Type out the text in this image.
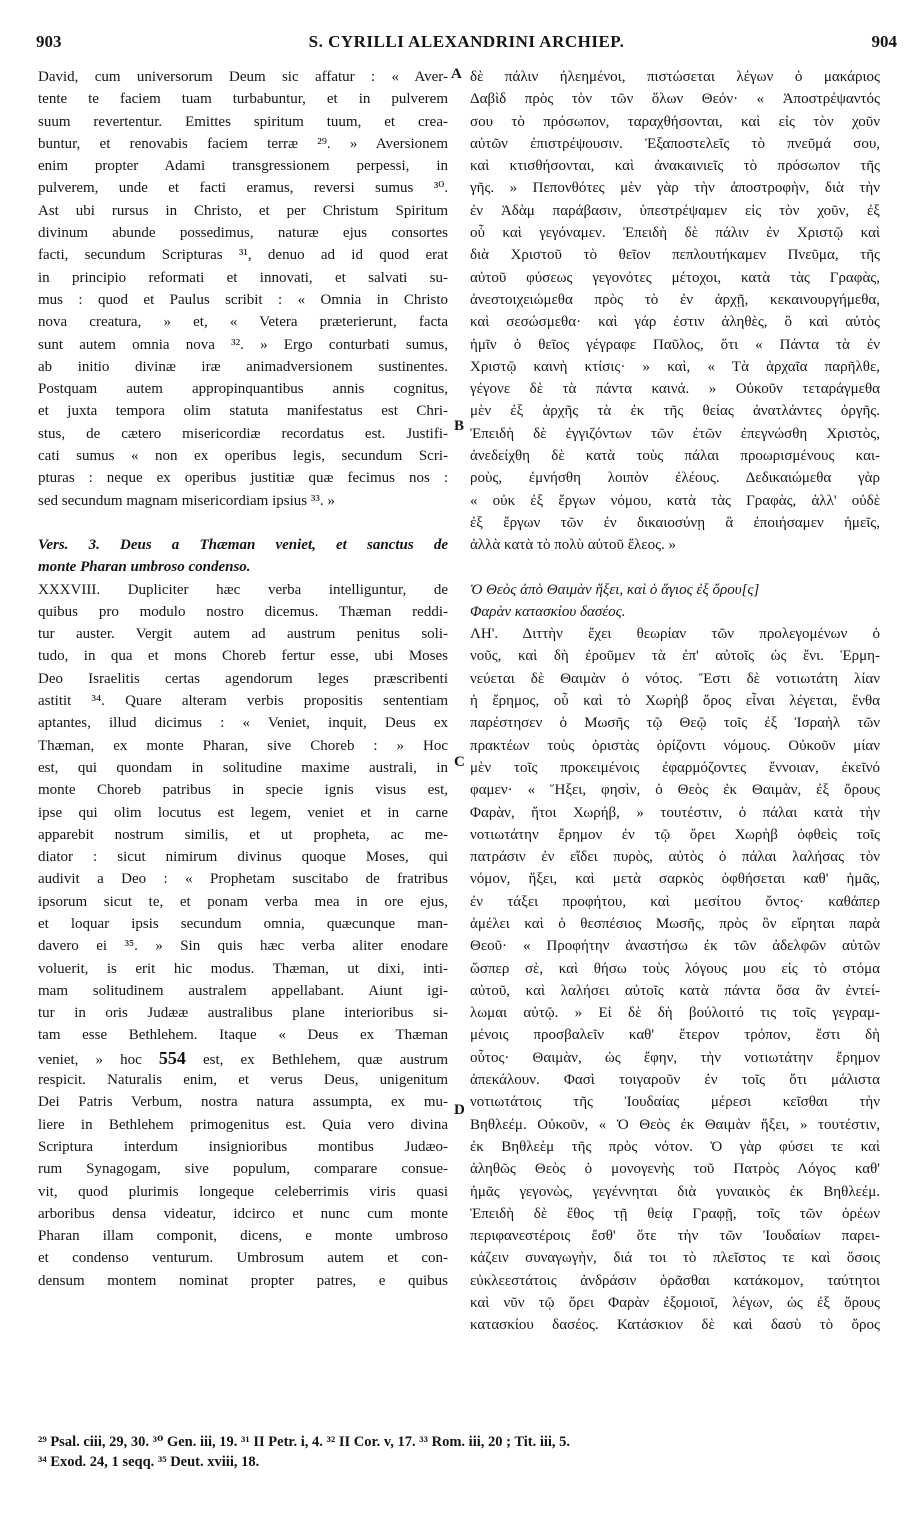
903	S. CYRILLI ALEXANDRINI ARCHIEP.	904
David, cum universorum Deum sic affatur : « Aver-
tente te faciem tuam turbabuntur, et in pulverem
suum revertentur. Emittes spiritum tuum, et crea-
buntur, et renovabis faciem terræ ²⁹. » Aversionem
enim propter Adami transgressionem perpessi, in
pulverem, unde et facti eramus, reversi sumus ³⁰.
Ast ubi rursus in Christo, et per Christum Spiritum
divinum abunde possedimus, naturæ ejus consortes
facti, secundum Scripturas ³¹, denuo ad id quod erat
in principio reformati et innovati, et salvati su-
mus : quod et Paulus scribit : « Omnia in Christo
nova creatura, » et, « Vetera præterierunt, facta
sunt autem omnia nova ³². » Ergo conturbati sumus,
ab initio divinæ iræ animadversionem sustinentes.
Postquam autem appropinquantibus annis cognitus,
et juxta tempora olim statuta manifestatus est Chri-
stus, de cætero misericordiæ recordatus est. Justifi-
cati sumus « non ex operibus legis, secundum Scri-
pturas : neque ex operibus justitiæ quæ fecimus nos :
sed secundum magnam misericordiam ipsius ³³. »
Vers. 3. Deus a Thæman veniet, et sanctus de
monte Pharan umbroso condenso.
XXXVIII. Dupliciter hæc verba intelliguntur, de
quibus pro modulo nostro dicemus. Thæman reddi-
tur auster. Vergit autem ad austrum penitus soli-
tudo, in qua et mons Choreb fertur esse, ubi Moses
Deo Israelitis certas agendorum leges præscribenti
astitit ³⁴. Quare alteram verbis propositis sententiam
aptantes, illud dicimus : « Veniet, inquit, Deus ex
Thæman, ex monte Pharan, sive Choreb : » Hoc
est, qui quondam in solitudine maxime australi, in
monte Choreb patribus in specie ignis visus est,
ipse qui olim locutus est legem, veniet et in carne
apparebit nostrum similis, et ut propheta, ac me-
diator : sicut nimirum divinus quoque Moses, qui
audivit a Deo : « Prophetam suscitabo de fratribus
ipsorum sicut te, et ponam verba mea in ore ejus,
et loquar ipsis secundum omnia, quæcunque man-
davero ei ³⁵. » Sin quis hæc verba aliter enodare
voluerit, is erit hic modus. Thæman, ut dixi, inti-
mam solitudinem australem appellabant. Aiunt igi-
tur in oris Judææ australibus plane interioribus si-
tam esse Bethlehem. Itaque « Deus ex Thæman
veniet, » hoc 554 est, ex Bethlehem, quæ austrum
respicit. Naturalis enim, et verus Deus, unigenitum
Dei Patris Verbum, nostra natura assumpta, ex mu-
liere in Bethlehem primogenitus est. Quia vero divina
Scriptura interdum insignioribus montibus Judæo-
rum Synagogam, sive populum, comparare consue-
vit, quod plurimis longeque celeberrimis viris quasi
arboribus densa videatur, idcirco et nunc cum monte
Pharan illam componit, dicens, e monte umbroso
et condenso venturum. Umbrosum autem et con-
densum montem nominat propter patres, e quibus
A
B
C
D
δὲ πάλιν ἠλεημένοι, πιστώσεται λέγων ὁ μακάριος
Δαβὶδ πρὸς τὸν τῶν ὅλων Θεόν· « Ἀποστρέψαντός
σου τὸ πρόσωπον, ταραχθήσονται, καὶ εἰς τὸν χοῦν
αὐτῶν ἐπιστρέψουσιν. Ἐξαποστελεῖς τὸ πνεῦμά σου,
καὶ κτισθήσονται, καὶ ἀνακαινιεῖς τὸ πρόσωπον τῆς
γῆς. » Πεπονθότες μὲν γὰρ τὴν ἀποστροφὴν, διὰ τὴν
ἐν Ἀδὰμ παράβασιν, ὑπεστρέψαμεν εἰς τὸν χοῦν, ἐξ
οὗ καὶ γεγόναμεν. Ἐπειδὴ δὲ πάλιν ἐν Χριστῷ καὶ
διὰ Χριστοῦ τὸ θεῖον πεπλουτήκαμεν Πνεῦμα, τῆς
αὐτοῦ φύσεως γεγονότες μέτοχοι, κατὰ τὰς Γραφὰς,
ἀνεστοιχειώμεθα πρὸς τὸ ἐν ἀρχῇ, κεκαινουργήμεθα,
καὶ σεσώσμεθα· καὶ γάρ ἐστιν ἀληθὲς, ὃ καὶ αὐτὸς
ἡμῖν ὁ θεῖος γέγραφε Παῦλος, ὅτι « Πάντα τὰ ἐν
Χριστῷ καινὴ κτίσις· » καὶ, « Τὰ ἀρχαῖα παρῆλθε,
γέγονε δὲ τὰ πάντα καινά. » Οὐκοῦν τεταράγμεθα
μὲν ἐξ ἀρχῆς τὰ ἐκ τῆς θείας ἀνατλάντες ὀργῆς.
Ἐπειδὴ δὲ ἐγγιζόντων τῶν ἐτῶν ἐπεγνώσθη Χριστὸς,
ἀνεδείχθη δὲ κατὰ τοὺς πάλαι προωρισμένους και-
ροὺς, ἐμνήσθη λοιπὸν ἐλέους. Δεδικαιώμεθα γὰρ
« οὐκ ἐξ ἔργων νόμου, κατὰ τὰς Γραφὰς, ἀλλ' οὐδὲ
ἐξ ἔργων τῶν ἐν δικαιοσύνῃ ἃ ἐποιήσαμεν ἡμεῖς,
ἀλλὰ κατὰ τὸ πολὺ αὐτοῦ ἔλεος. »
Ὁ Θεὸς ἀπὸ Θαιμὰν ἥξει, καὶ ὁ ἅγιος ἐξ ὄρου[ς]
Φαρὰν κατασκίου δασέος.
ΛΗ'. Διττὴν ἔχει θεωρίαν τῶν προλεγομένων ὁ
νοῦς, καὶ δὴ ἐροῦμεν τὰ ἐπ' αὐτοῖς ὡς ἔνι. Ἑρμη-
νεύεται δὲ Θαιμὰν ὁ νότος. Ἔστι δὲ νοτιωτάτη λίαν
ἡ ἔρημος, οὗ καὶ τὸ Χωρὴβ ὄρος εἶναι λέγεται, ἔνθα
παρέστησεν ὁ Μωσῆς τῷ Θεῷ τοῖς ἐξ Ἰσραὴλ τῶν
πρακτέων τοὺς ὁριστὰς ὁρίζοντι νόμους. Οὐκοῦν μίαν
μὲν τοῖς προκειμένοις ἐφαρμόζοντες ἔννοιαν, ἐκεῖνό
φαμεν· « Ἥξει, φησὶν, ὁ Θεὸς ἐκ Θαιμὰν, ἐξ ὄρους
Φαρὰν, ἤτοι Χωρήβ, » τουτέστιν, ὁ πάλαι κατὰ τὴν
νοτιωτάτην ἔρημον ἐν τῷ ὄρει Χωρὴβ ὀφθεὶς τοῖς
πατράσιν ἐν εἴδει πυρὸς, αὐτὸς ὁ πάλαι λαλήσας τὸν
νόμον, ἥξει, καὶ μετὰ σαρκὸς ὀφθήσεται καθ' ἡμᾶς,
ἐν τάξει προφήτου, καὶ μεσίτου ὄντος· καθάπερ
ἀμέλει καὶ ὁ θεσπέσιος Μωσῆς, πρὸς ὃν εἴρηται παρὰ
Θεοῦ· « Προφήτην ἀναστήσω ἐκ τῶν ἀδελφῶν αὐτῶν
ὥσπερ σὲ, καὶ θήσω τοὺς λόγους μου εἰς τὸ στόμα
αὐτοῦ, καὶ λαλήσει αὐτοῖς κατὰ πάντα ὅσα ἂν ἐντεί-
λωμαι αὐτῷ. » Εἰ δὲ δὴ βούλοιτό τις τοῖς γεγραμ-
μένοις προσβαλεῖν καθ' ἕτερον τρόπον, ἔστι δὴ
οὗτος· Θαιμὰν, ὡς ἔφην, τὴν νοτιωτάτην ἔρημον
ἀπεκάλουν. Φασὶ τοιγαροῦν ἐν τοῖς ὅτι μάλιστα
νοτιωτάτοις τῆς Ἰουδαίας μέρεσι κεῖσθαι τὴν
Βηθλεέμ. Οὐκοῦν, « Ὁ Θεὸς ἐκ Θαιμὰν ἥξει, » τουτέστιν,
ἐκ Βηθλεὲμ τῆς πρὸς νότον. Ὁ γὰρ φύσει τε καὶ
ἀληθῶς Θεὸς ὁ μονογενὴς τοῦ Πατρὸς Λόγος καθ'
ἡμᾶς γεγονὼς, γεγέννηται διὰ γυναικὸς ἐκ Βηθλεέμ.
Ἐπειδὴ δὲ ἔθος τῇ θείᾳ Γραφῇ, τοῖς τῶν ὀρέων
περιφανεστέροις ἔσθ' ὅτε τὴν τῶν Ἰουδαίων παρει-
κάζειν συναγωγὴν, διά τοι τὸ πλεῖστος τε καὶ ὅσοις
εὐκλεεστάτοις ἀνδράσιν ὁρᾶσθαι κατάκομον, ταύτητοι
καὶ νῦν τῷ ὄρει Φαρὰν ἐξομοιοῖ, λέγων, ὡς ἐξ ὄρους
κατασκίου δασέος. Κατάσκιον δὲ καὶ δασὺ τὸ ὄρος
²⁹ Psal. ciii, 29, 30. ³⁰ Gen. iii, 19. ³¹ II Petr. i, 4. ³² II Cor. v, 17. ³³ Rom. iii, 20 ; Tit. iii, 5.
³⁴ Exod. 24, 1 seqq. ³⁵ Deut. xviii, 18.
